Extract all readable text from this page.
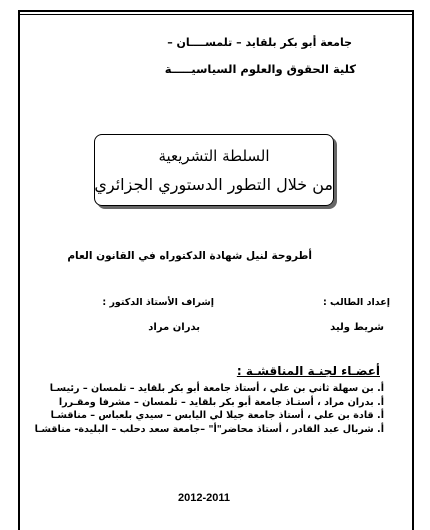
جامعة أبو بكر بلقايد – تلمســــان –
كلية الحقوق والعلوم السياسيـــــة
السلطة التشريعية
من خلال التطور الدستوري الجزائري
أطروحة لنيل شهادة الدكتوراه في القانون العام
إعداد الطالب :
شريط وليد
إشراف الأستاذ الدكتور :
بدران مراد
أعضـاء لجنـة المناقشـة :
أ. بن سهلة ثاني بن علي ، أستاذ جامعة أبو بكر بلقايد – تلمسان – رئيسـا
أ. بدران مراد ، أستـاذ جامعة أبو بكر بلقايد – تلمسان – مشرفا ومقـررا
أ. قادة بن علي ، أستاذ جامعة جيلا لي اليابس – سيدي بلعباس – مناقشـا
أ. شربال عبد القادر ، أستاذ محاضر"أ" –جامعة سعد دحلب – البليدة- مناقشـا
2012-2011
